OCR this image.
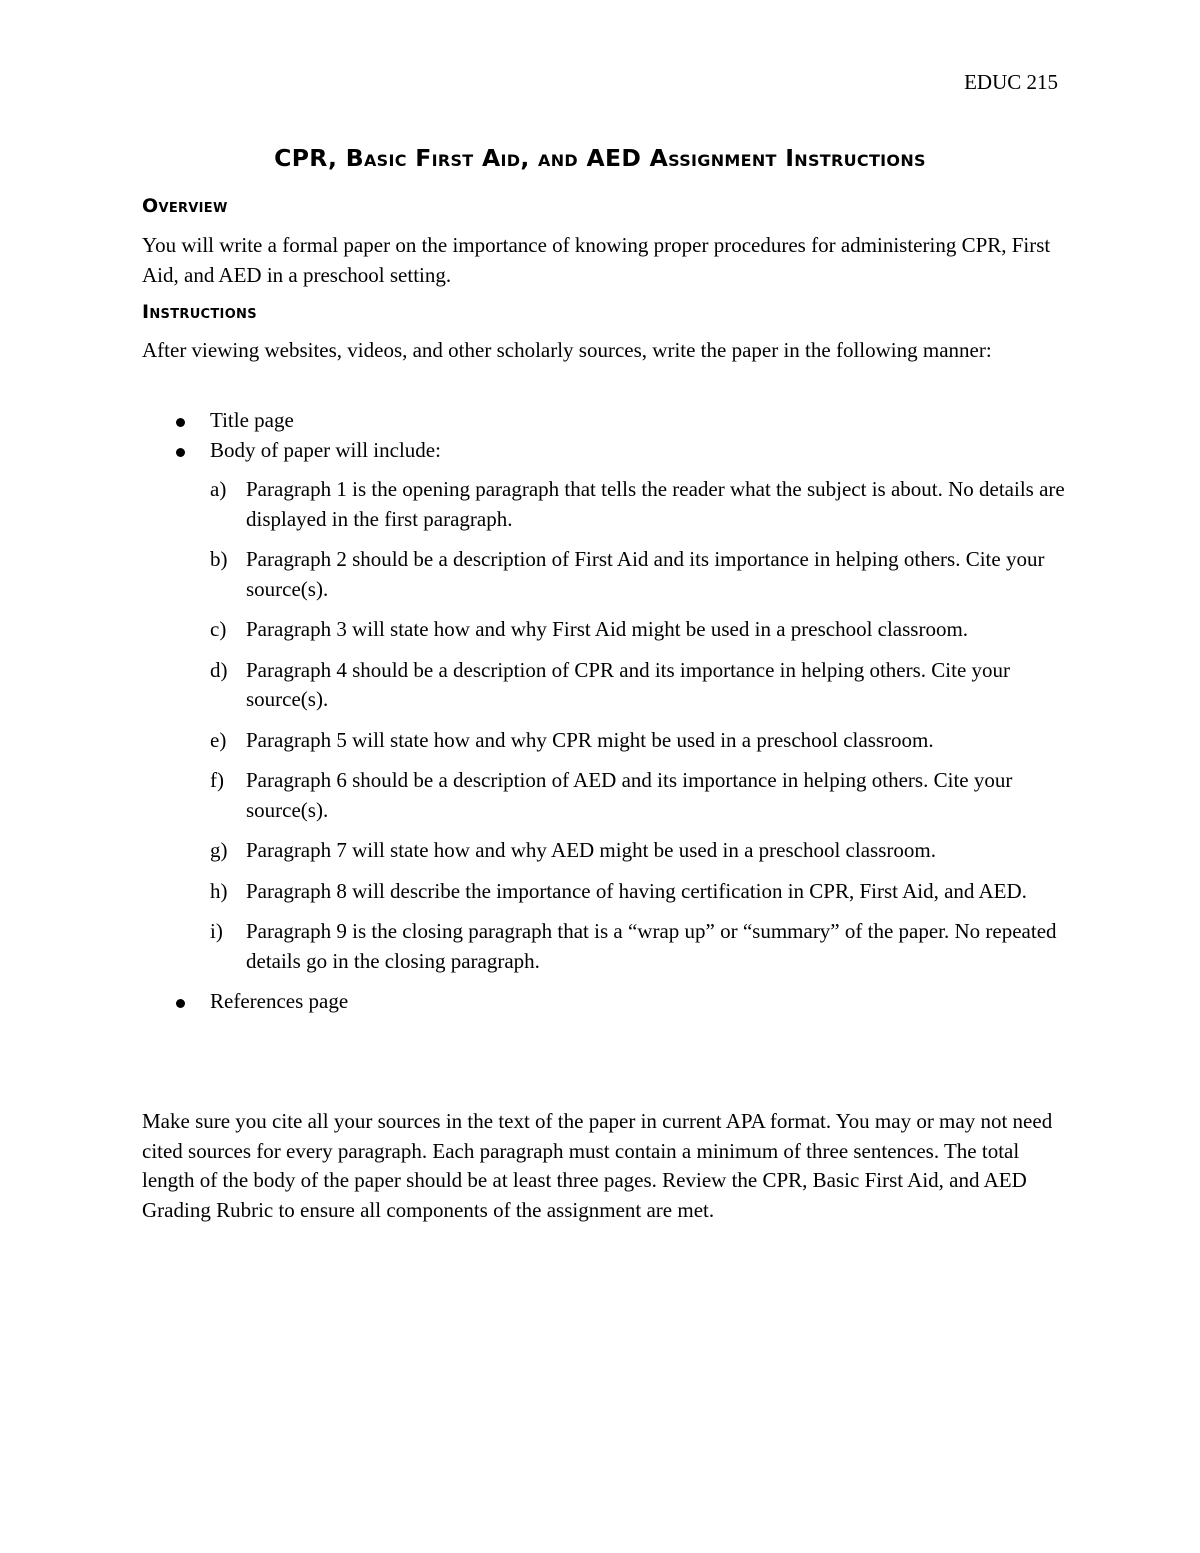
EDUC 215
CPR, Basic First Aid, and AED Assignment Instructions
Overview

You will write a formal paper on the importance of knowing proper procedures for administering CPR, First Aid, and AED in a preschool setting.

Instructions

After viewing websites, videos, and other scholarly sources, write the paper in the following manner:

Title page
Body of paper will include:
a) Paragraph 1 is the opening paragraph that tells the reader what the subject is about. No details are displayed in the first paragraph.
b) Paragraph 2 should be a description of First Aid and its importance in helping others. Cite your source(s).
c) Paragraph 3 will state how and why First Aid might be used in a preschool classroom.
d) Paragraph 4 should be a description of CPR and its importance in helping others. Cite your source(s).
e) Paragraph 5 will state how and why CPR might be used in a preschool classroom.
f) Paragraph 6 should be a description of AED and its importance in helping others. Cite your source(s).
g) Paragraph 7 will state how and why AED might be used in a preschool classroom.
h) Paragraph 8 will describe the importance of having certification in CPR, First Aid, and AED.
i) Paragraph 9 is the closing paragraph that is a “wrap up” or “summary” of the paper. No repeated details go in the closing paragraph.
References page

Make sure you cite all your sources in the text of the paper in current APA format. You may or may not need cited sources for every paragraph. Each paragraph must contain a minimum of three sentences. The total length of the body of the paper should be at least three pages. Review the CPR, Basic First Aid, and AED Grading Rubric to ensure all components of the assignment are met.
